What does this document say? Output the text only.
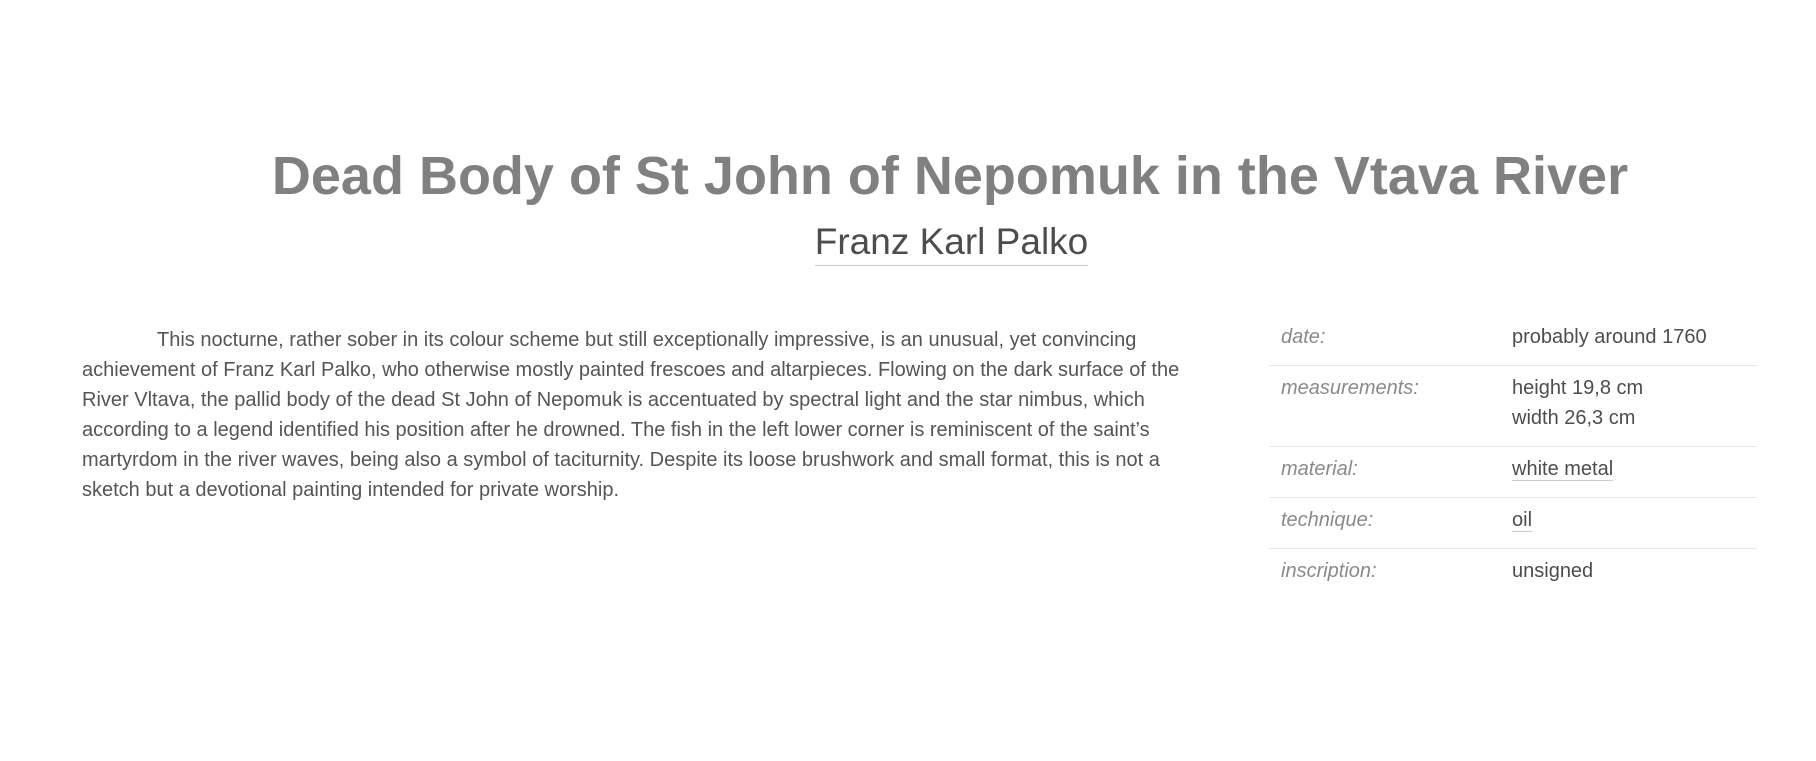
Dead Body of St John of Nepomuk in the Vtava River
Franz Karl Palko

This nocturne, rather sober in its colour scheme but still exceptionally impressive, is an unusual, yet convincing achievement of Franz Karl Palko, who otherwise mostly painted frescoes and altarpieces. Flowing on the dark surface of the River Vltava, the pallid body of the dead St John of Nepomuk is accentuated by spectral light and the star nimbus, which according to a legend identified his position after he drowned. The fish in the left lower corner is reminiscent of the saint’s martyrdom in the river waves, being also a symbol of taciturnity. Despite its loose brushwork and small format, this is not a sketch but a devotional painting intended for private worship.

date:	probably around 1760
measurements:	height 19,8 cm
width 26,3 cm
material:	white metal
technique:	oil
inscription:	unsigned
